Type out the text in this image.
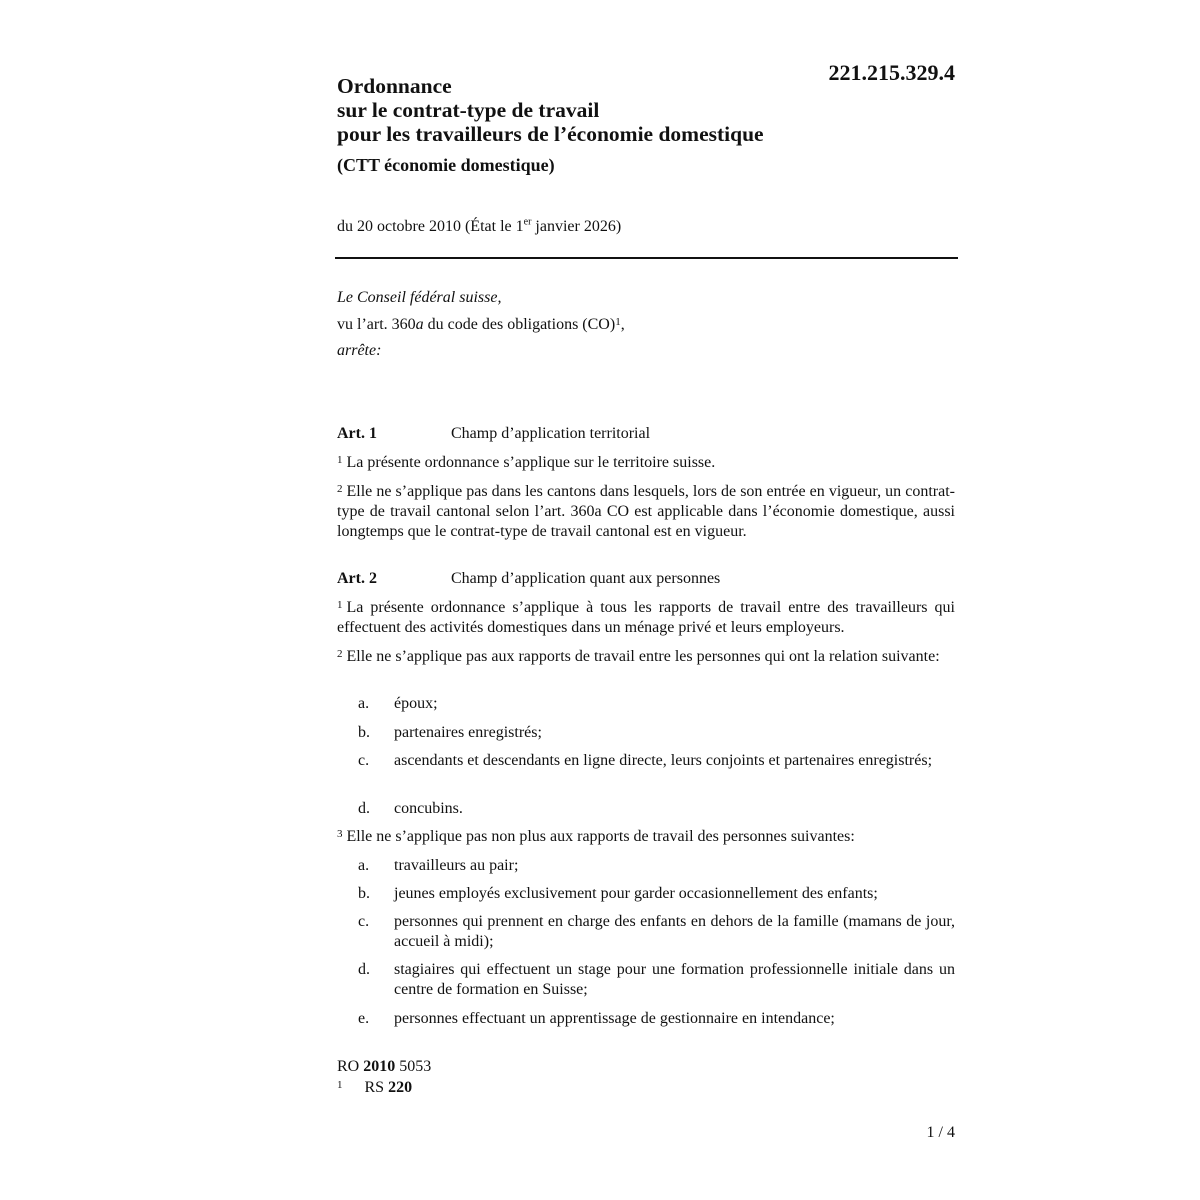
221.215.329.4
Ordonnance
sur le contrat-type de travail
pour les travailleurs de l’économie domestique
(CTT économie domestique)
du 20 octobre 2010 (État le 1er janvier 2026)
Le Conseil fédéral suisse,
vu l’art. 360a du code des obligations (CO)$^1$,
arrête:
Art. 1	Champ d’application territorial
$^1$ La présente ordonnance s’applique sur le territoire suisse.
$^2$ Elle ne s’applique pas dans les cantons dans lesquels, lors de son entrée en vigueur, un contrat-type de travail cantonal selon l’art. 360a CO est applicable dans l’économie domestique, aussi longtemps que le contrat-type de travail cantonal est en vigueur.
Art. 2	Champ d’application quant aux personnes
$^1$ La présente ordonnance s’applique à tous les rapports de travail entre des travailleurs qui effectuent des activités domestiques dans un ménage privé et leurs employeurs.
$^2$ Elle ne s’applique pas aux rapports de travail entre les personnes qui ont la relation suivante:
a. époux;
b. partenaires enregistrés;
c. ascendants et descendants en ligne directe, leurs conjoints et partenaires enregistrés;
d. concubins.
$^3$ Elle ne s’applique pas non plus aux rapports de travail des personnes suivantes:
a. travailleurs au pair;
b. jeunes employés exclusivement pour garder occasionnellement des enfants;
c. personnes qui prennent en charge des enfants en dehors de la famille (mamans de jour, accueil à midi);
d. stagiaires qui effectuent un stage pour une formation professionnelle initiale dans un centre de formation en Suisse;
e. personnes effectuant un apprentissage de gestionnaire en intendance;
RO 2010 5053
$^1$ RS 220
1 / 4
